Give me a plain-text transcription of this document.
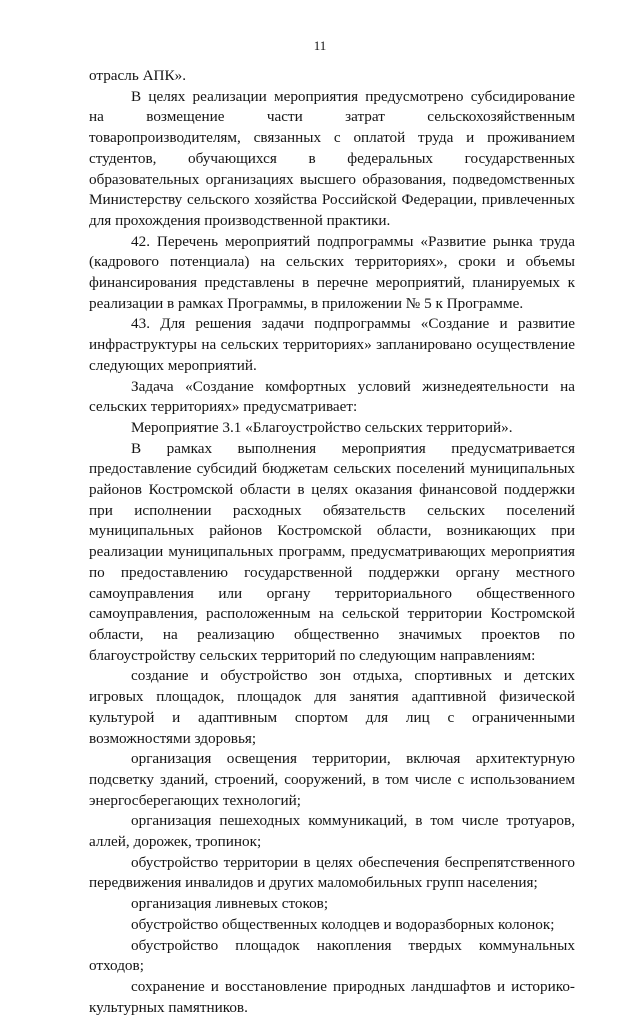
11

отрасль АПК».

В целях реализации мероприятия предусмотрено субсидирование на возмещение части затрат сельскохозяйственным товаропроизводителям, связанных с оплатой труда и проживанием студентов, обучающихся в федеральных государственных образовательных организациях высшего образования, подведомственных Министерству сельского хозяйства Российской Федерации, привлеченных для прохождения производственной практики.

42. Перечень мероприятий подпрограммы «Развитие рынка труда (кадрового потенциала) на сельских территориях», сроки и объемы финансирования представлены в перечне мероприятий, планируемых к реализации в рамках Программы, в приложении № 5 к Программе.

43. Для решения задачи подпрограммы «Создание и развитие инфраструктуры на сельских территориях» запланировано осуществление следующих мероприятий.

Задача «Создание комфортных условий жизнедеятельности на сельских территориях» предусматривает:

Мероприятие 3.1 «Благоустройство сельских территорий».

В рамках выполнения мероприятия предусматривается предоставление субсидий бюджетам сельских поселений муниципальных районов Костромской области в целях оказания финансовой поддержки при исполнении расходных обязательств сельских поселений муниципальных районов Костромской области, возникающих при реализации муниципальных программ, предусматривающих мероприятия по предоставлению государственной поддержки органу местного самоуправления или органу территориального общественного самоуправления, расположенным на сельской территории Костромской области, на реализацию общественно значимых проектов по благоустройству сельских территорий по следующим направлениям:

создание и обустройство зон отдыха, спортивных и детских игровых площадок, площадок для занятия адаптивной физической культурой и адаптивным спортом для лиц с ограниченными возможностями здоровья;

организация освещения территории, включая архитектурную подсветку зданий, строений, сооружений, в том числе с использованием энергосберегающих технологий;

организация пешеходных коммуникаций, в том числе тротуаров, аллей, дорожек, тропинок;

обустройство территории в целях обеспечения беспрепятственного передвижения инвалидов и других маломобильных групп населения;

организация ливневых стоков;

обустройство общественных колодцев и водоразборных колонок;

обустройство площадок накопления твердых коммунальных отходов;

сохранение и восстановление природных ландшафтов и историко-культурных памятников.
